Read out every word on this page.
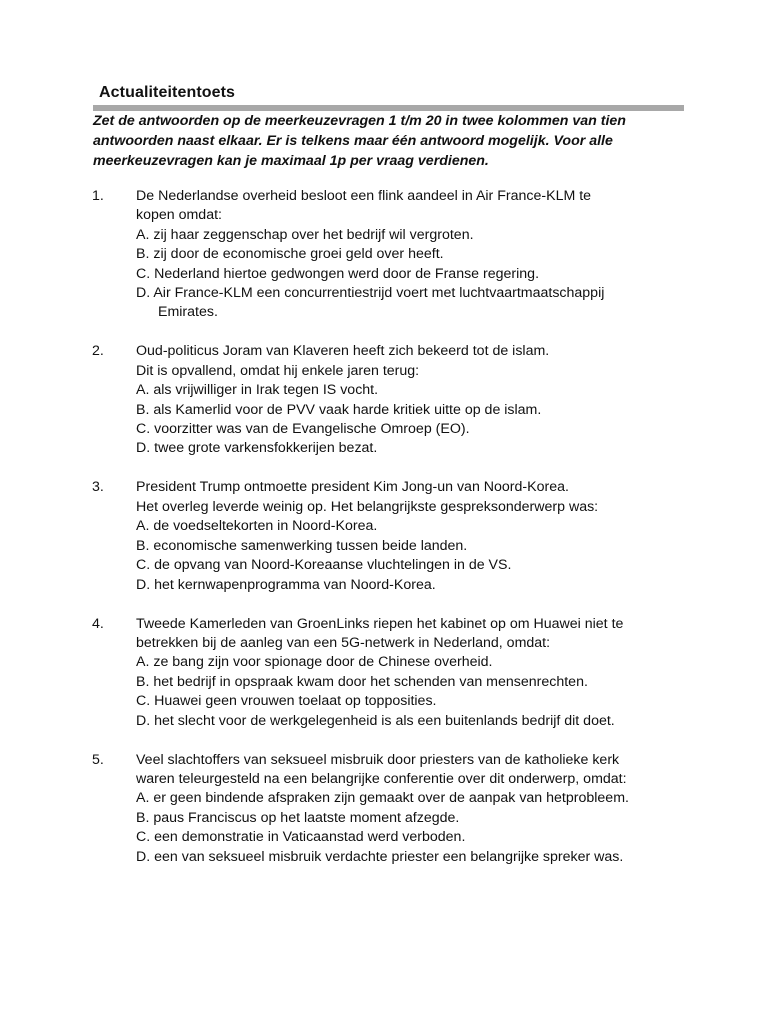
Actualiteitentoets
Zet de antwoorden op de meerkeuzevragen 1 t/m 20 in twee kolommen van tien
antwoorden naast elkaar. Er is telkens maar één antwoord mogelijk. Voor alle
meerkeuzevragen kan je maximaal 1p per vraag verdienen.
1. De Nederlandse overheid besloot een flink aandeel in Air France-KLM te
kopen omdat:
A. zij haar zeggenschap over het bedrijf wil vergroten.
B. zij door de economische groei geld over heeft.
C. Nederland hiertoe gedwongen werd door de Franse regering.
D. Air France-KLM een concurrentiestrijd voert met luchtvaartmaatschappij
Emirates.
2. Oud-politicus Joram van Klaveren heeft zich bekeerd tot de islam.
Dit is opvallend, omdat hij enkele jaren terug:
A. als vrijwilliger in Irak tegen IS vocht.
B. als Kamerlid voor de PVV vaak harde kritiek uitte op de islam.
C. voorzitter was van de Evangelische Omroep (EO).
D. twee grote varkensfokkerijen bezat.
3. President Trump ontmoette president Kim Jong-un van Noord-Korea.
Het overleg leverde weinig op. Het belangrijkste gespreksonderwerp was:
A. de voedseltekorten in Noord-Korea.
B. economische samenwerking tussen beide landen.
C. de opvang van Noord-Koreaanse vluchtelingen in de VS.
D. het kernwapenprogramma van Noord-Korea.
4. Tweede Kamerleden van GroenLinks riepen het kabinet op om Huawei niet te
betrekken bij de aanleg van een 5G-netwerk in Nederland, omdat:
A. ze bang zijn voor spionage door de Chinese overheid.
B. het bedrijf in opspraak kwam door het schenden van mensenrechten.
C. Huawei geen vrouwen toelaat op topposities.
D. het slecht voor de werkgelegenheid is als een buitenlands bedrijf dit doet.
5. Veel slachtoffers van seksueel misbruik door priesters van de katholieke kerk
waren teleurgesteld na een belangrijke conferentie over dit onderwerp, omdat:
A. er geen bindende afspraken zijn gemaakt over de aanpak van hetprobleem.
B. paus Franciscus op het laatste moment afzegde.
C. een demonstratie in Vaticaanstad werd verboden.
D. een van seksueel misbruik verdachte priester een belangrijke spreker was.
